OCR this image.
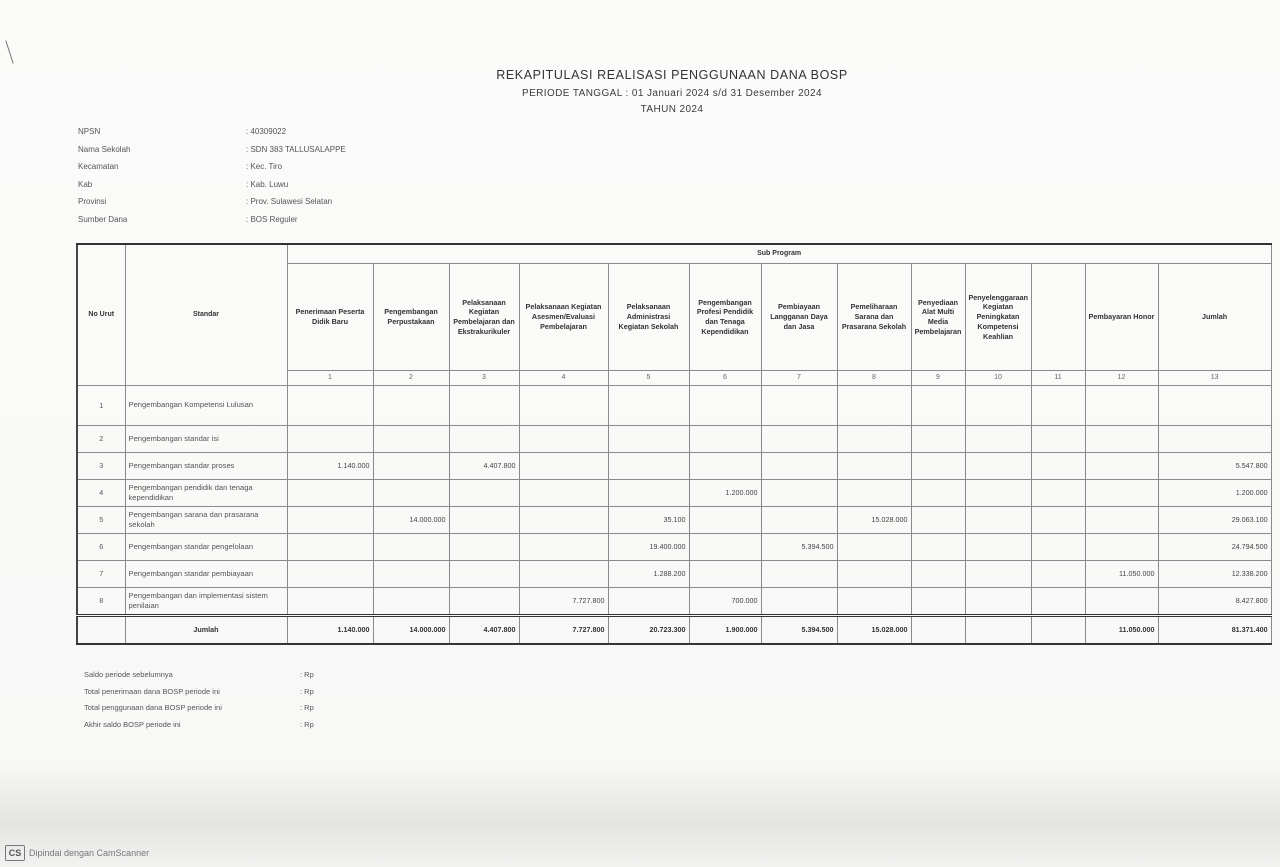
REKAPITULASI REALISASI PENGGUNAAN DANA BOSP
PERIODE TANGGAL : 01 Januari 2024 s/d 31 Desember 2024
TAHUN 2024
NPSN	: 40309022
Nama Sekolah	: SDN 383 TALLUSALAPPE
Kecamatan	: Kec. Tiro
Kab	: Kab. Luwu
Provinsi	: Prov. Sulawesi Selatan
Sumber Dana	: BOS Reguler
No Urut	Standar	Sub Program												
		Penerimaan Peserta Didik Baru	Pengembangan Perpustakaan	Pelaksanaan Kegiatan Pembelajaran dan Ekstrakurikuler	Pelaksanaan Kegiatan Asesmen/Evaluasi Pembelajaran	Pelaksanaan Administrasi Kegiatan Sekolah	Pengembangan Profesi Pendidik dan Tenaga Kependidikan	Pembiayaan Langganan Daya dan Jasa	Pemeliharaan Sarana dan Prasarana Sekolah	Penyediaan Alat Multi Media Pembelajaran	Penyelenggaraan Kegiatan Peningkatan Kompetensi Keahlian		Pembayaran Honor	Jumlah
		1	2	3	4	5	6	7	8	9	10	11	12	13
1	Pengembangan Kompetensi Lulusan													
2	Pengembangan standar isi													
3	Pengembangan standar proses	1.140.000		4.407.800										5.547.800
4	Pengembangan pendidik dan tenaga kependidikan						1.200.000							1.200.000
5	Pengembangan sarana dan prasarana sekolah		14.000.000			35.100			15.028.000					29.063.100
6	Pengembangan standar pengelolaan					19.400.000		5.394.500						24.794.500
7	Pengembangan standar pembiayaan					1.288.200							11.050.000	12.338.200
8	Pengembangan dan implementasi sistem penilaian				7.727.800		700.000							8.427.800
	Jumlah	1.140.000	14.000.000	4.407.800	7.727.800	20.723.300	1.900.000	5.394.500	15.028.000				11.050.000	81.371.400
Saldo periode sebelumnya	: Rp
Total penerimaan dana BOSP periode ini	: Rp
Total penggunaan dana BOSP periode ini	: Rp
Akhir saldo BOSP periode ini	: Rp
CS Dipindai dengan CamScanner
